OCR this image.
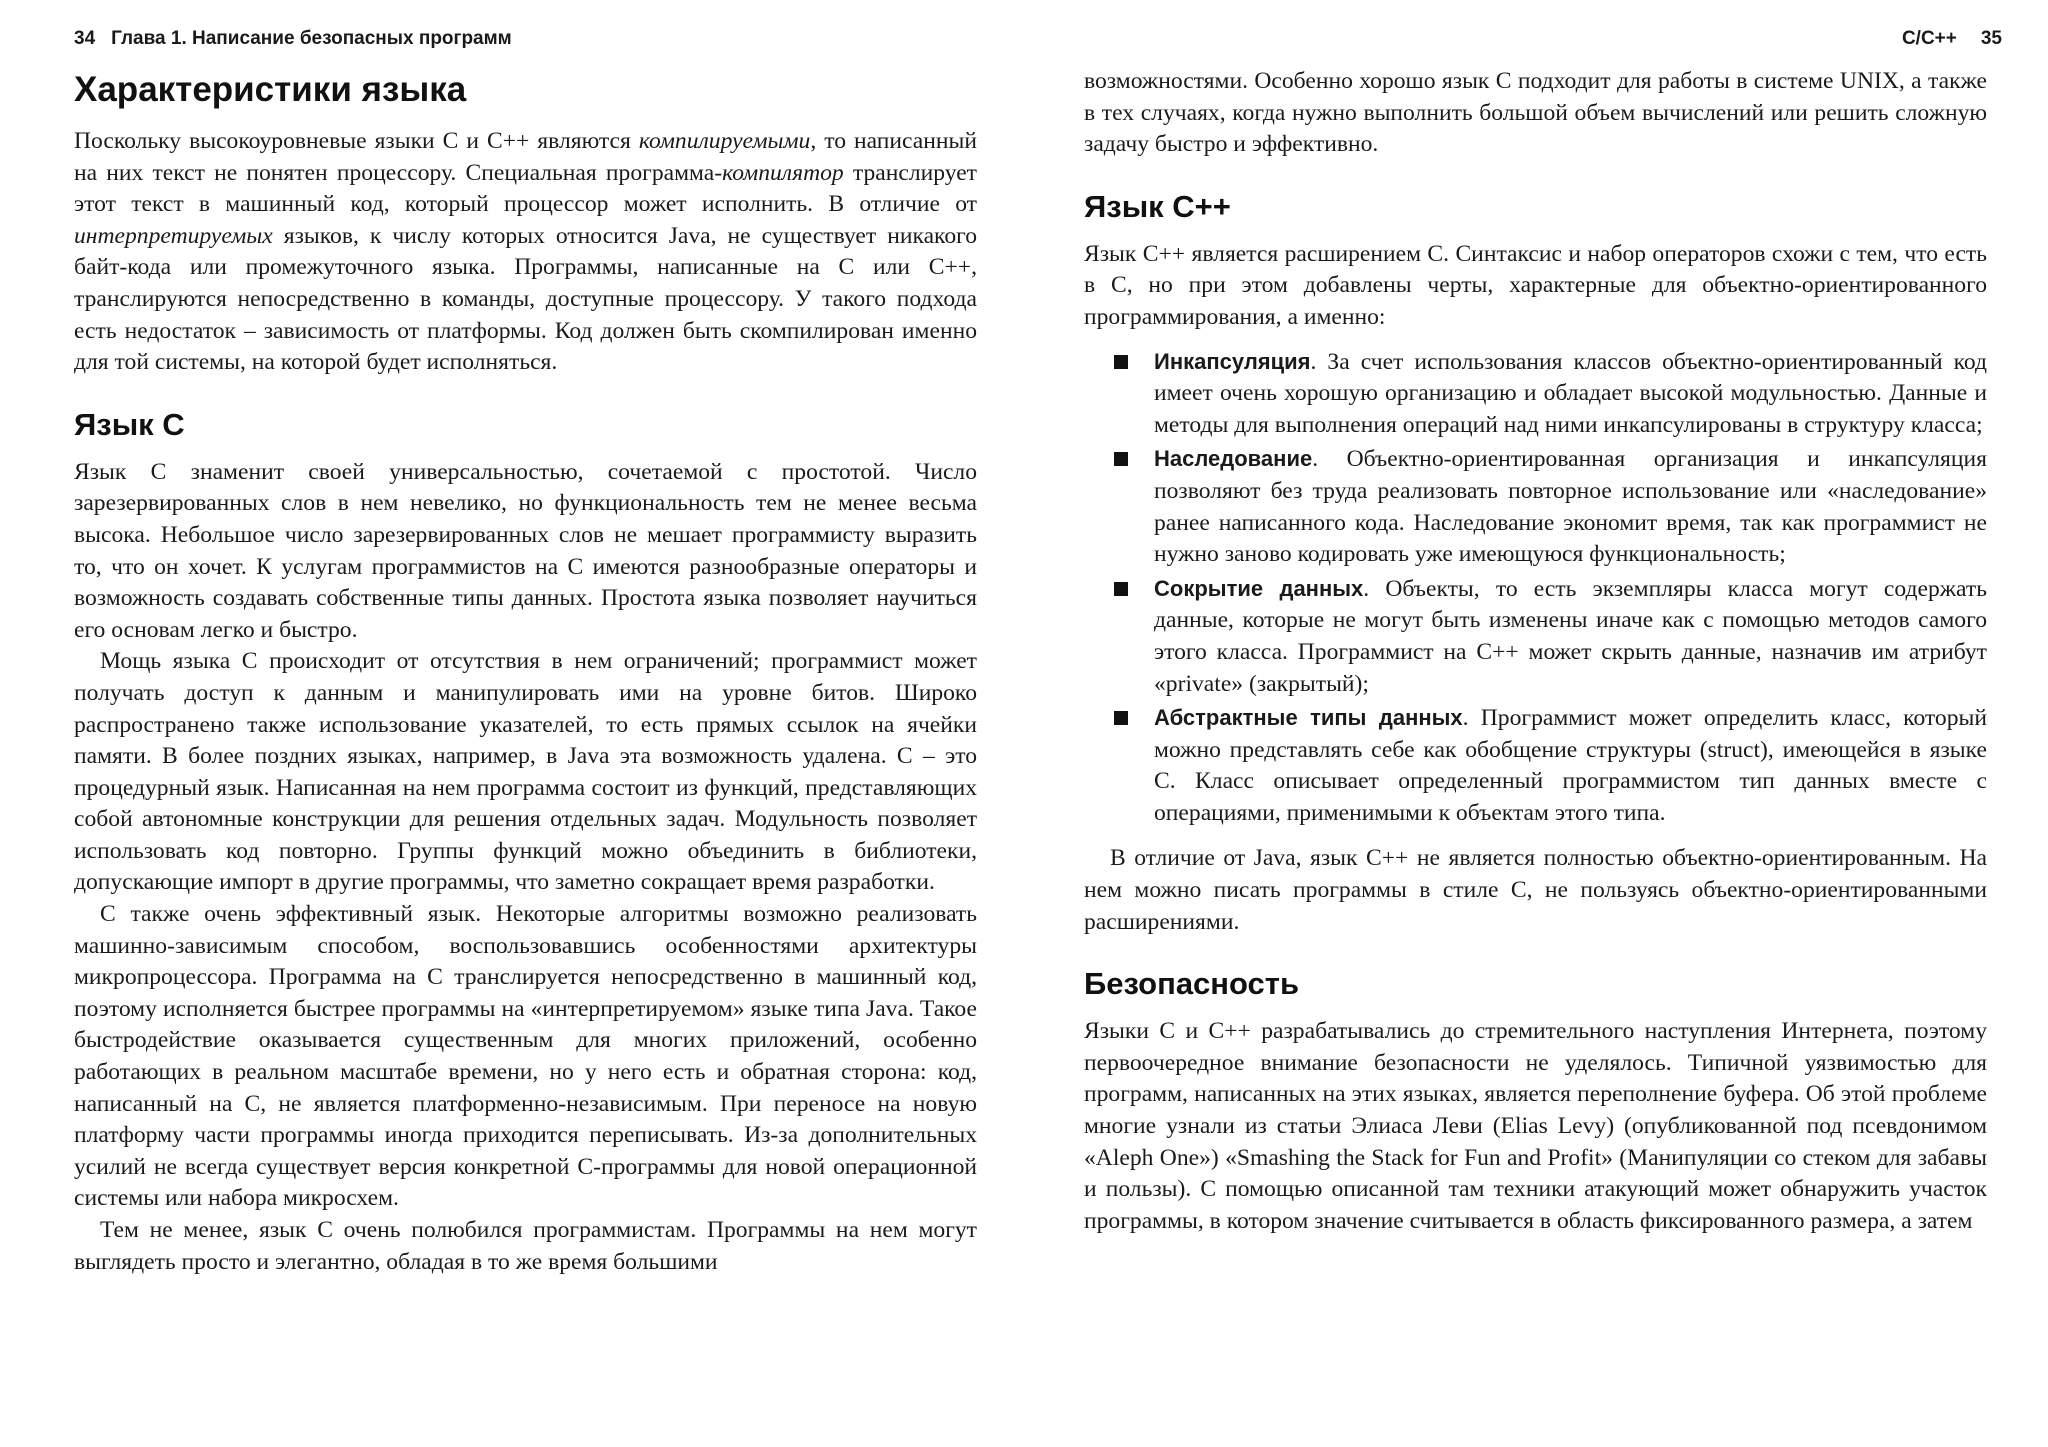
34 Глава 1. Написание безопасных программ
Характеристики языка

Поскольку высокоуровневые языки C и C++ являются компилируемыми, то написанный на них текст не понятен процессору. Специальная программа-компилятор транслирует этот текст в машинный код, который процессор может исполнить. В отличие от интерпретируемых языков, к числу которых относится Java, не существует никакого байт-кода или промежуточного языка. Программы, написанные на C или C++, транслируются непосредственно в команды, доступные процессору. У такого подхода есть недостаток – зависимость от платформы. Код должен быть скомпилирован именно для той системы, на которой будет исполняться.

Язык C

Язык C знаменит своей универсальностью, сочетаемой с простотой. Число зарезервированных слов в нем невелико, но функциональность тем не менее весьма высока. Небольшое число зарезервированных слов не мешает программисту выразить то, что он хочет. К услугам программистов на C имеются разнообразные операторы и возможность создавать собственные типы данных. Простота языка позволяет научиться его основам легко и быстро.

Мощь языка C происходит от отсутствия в нем ограничений; программист может получать доступ к данным и манипулировать ими на уровне битов. Широко распространено также использование указателей, то есть прямых ссылок на ячейки памяти. В более поздних языках, например, в Java эта возможность удалена. C – это процедурный язык. Написанная на нем программа состоит из функций, представляющих собой автономные конструкции для решения отдельных задач. Модульность позволяет использовать код повторно. Группы функций можно объединить в библиотеки, допускающие импорт в другие программы, что заметно сокращает время разработки.

C также очень эффективный язык. Некоторые алгоритмы возможно реализовать машинно-зависимым способом, воспользовавшись особенностями архитектуры микропроцессора. Программа на C транслируется непосредственно в машинный код, поэтому исполняется быстрее программы на «интерпретируемом» языке типа Java. Такое быстродействие оказывается существенным для многих приложений, особенно работающих в реальном масштабе времени, но у него есть и обратная сторона: код, написанный на C, не является платформенно-независимым. При переносе на новую платформу части программы иногда приходится переписывать. Из-за дополнительных усилий не всегда существует версия конкретной C-программы для новой операционной системы или набора микросхем.

Тем не менее, язык C очень полюбился программистам. Программы на нем могут выглядеть просто и элегантно, обладая в то же время большими

C/C++ 35

возможностями. Особенно хорошо язык C подходит для работы в системе UNIX, а также в тех случаях, когда нужно выполнить большой объем вычислений или решить сложную задачу быстро и эффективно.

Язык C++

Язык C++ является расширением C. Синтаксис и набор операторов схожи с тем, что есть в C, но при этом добавлены черты, характерные для объектно-ориентированного программирования, а именно:

Инкапсуляция. За счет использования классов объектно-ориентированный код имеет очень хорошую организацию и обладает высокой модульностью. Данные и методы для выполнения операций над ними инкапсулированы в структуру класса;
Наследование. Объектно-ориентированная организация и инкапсуляция позволяют без труда реализовать повторное использование или «наследование» ранее написанного кода. Наследование экономит время, так как программист не нужно заново кодировать уже имеющуюся функциональность;
Сокрытие данных. Объекты, то есть экземпляры класса могут содержать данные, которые не могут быть изменены иначе как с помощью методов самого этого класса. Программист на C++ может скрыть данные, назначив им атрибут «private» (закрытый);
Абстрактные типы данных. Программист может определить класс, который можно представлять себе как обобщение структуры (struct), имеющейся в языке C. Класс описывает определенный программистом тип данных вместе с операциями, применимыми к объектам этого типа.

В отличие от Java, язык C++ не является полностью объектно-ориентированным. На нем можно писать программы в стиле C, не пользуясь объектно-ориентированными расширениями.

Безопасность

Языки C и C++ разрабатывались до стремительного наступления Интернета, поэтому первоочередное внимание безопасности не уделялось. Типичной уязвимостью для программ, написанных на этих языках, является переполнение буфера. Об этой проблеме многие узнали из статьи Элиаса Леви (Elias Levy) (опубликованной под псевдонимом «Aleph One») «Smashing the Stack for Fun and Profit» (Манипуляции со стеком для забавы и пользы). С помощью описанной там техники атакующий может обнаружить участок программы, в котором значение считывается в область фиксированного размера, а затем
